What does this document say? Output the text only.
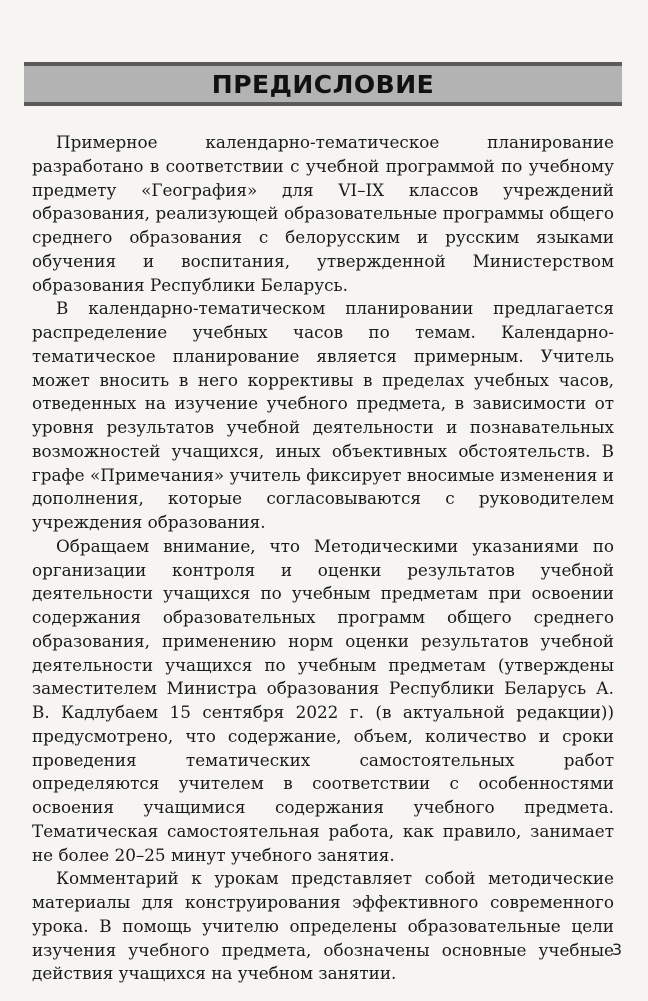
ПРЕДИСЛОВИЕ

Примерное календарно-тематическое планирование разработано в соответствии с учебной программой по учебному предмету «География» для VI–IX классов учреждений образования, реализующей образовательные программы общего среднего образования с белорусским и русским языками обучения и воспитания, утвержденной Министерством образования Республики Беларусь.

В календарно-тематическом планировании предлагается распределение учебных часов по темам. Календарно-тематическое планирование является примерным. Учитель может вносить в него коррективы в пределах учебных часов, отведенных на изучение учебного предмета, в зависимости от уровня результатов учебной деятельности и познавательных возможностей учащихся, иных объективных обстоятельств. В графе «Примечания» учитель фиксирует вносимые изменения и дополнения, которые согласовываются с руководителем учреждения образования.

Обращаем внимание, что Методическими указаниями по организации контроля и оценки результатов учебной деятельности учащихся по учебным предметам при освоении содержания образовательных программ общего среднего образования, применению норм оценки результатов учебной деятельности учащихся по учебным предметам (утверждены заместителем Министра образования Республики Беларусь А. В. Кадлубаем 15 сентября 2022 г. (в актуальной редакции)) предусмотрено, что содержание, объем, количество и сроки проведения тематических самостоятельных работ определяются учителем в соответствии с особенностями освоения учащимися содержания учебного предмета. Тематическая самостоятельная работа, как правило, занимает не более 20–25 минут учебного занятия.

Комментарий к урокам представляет собой методические материалы для конструирования эффективного современного урока. В помощь учителю определены образовательные цели изучения учебного предмета, обозначены основные учебные действия учащихся на учебном занятии.

3
